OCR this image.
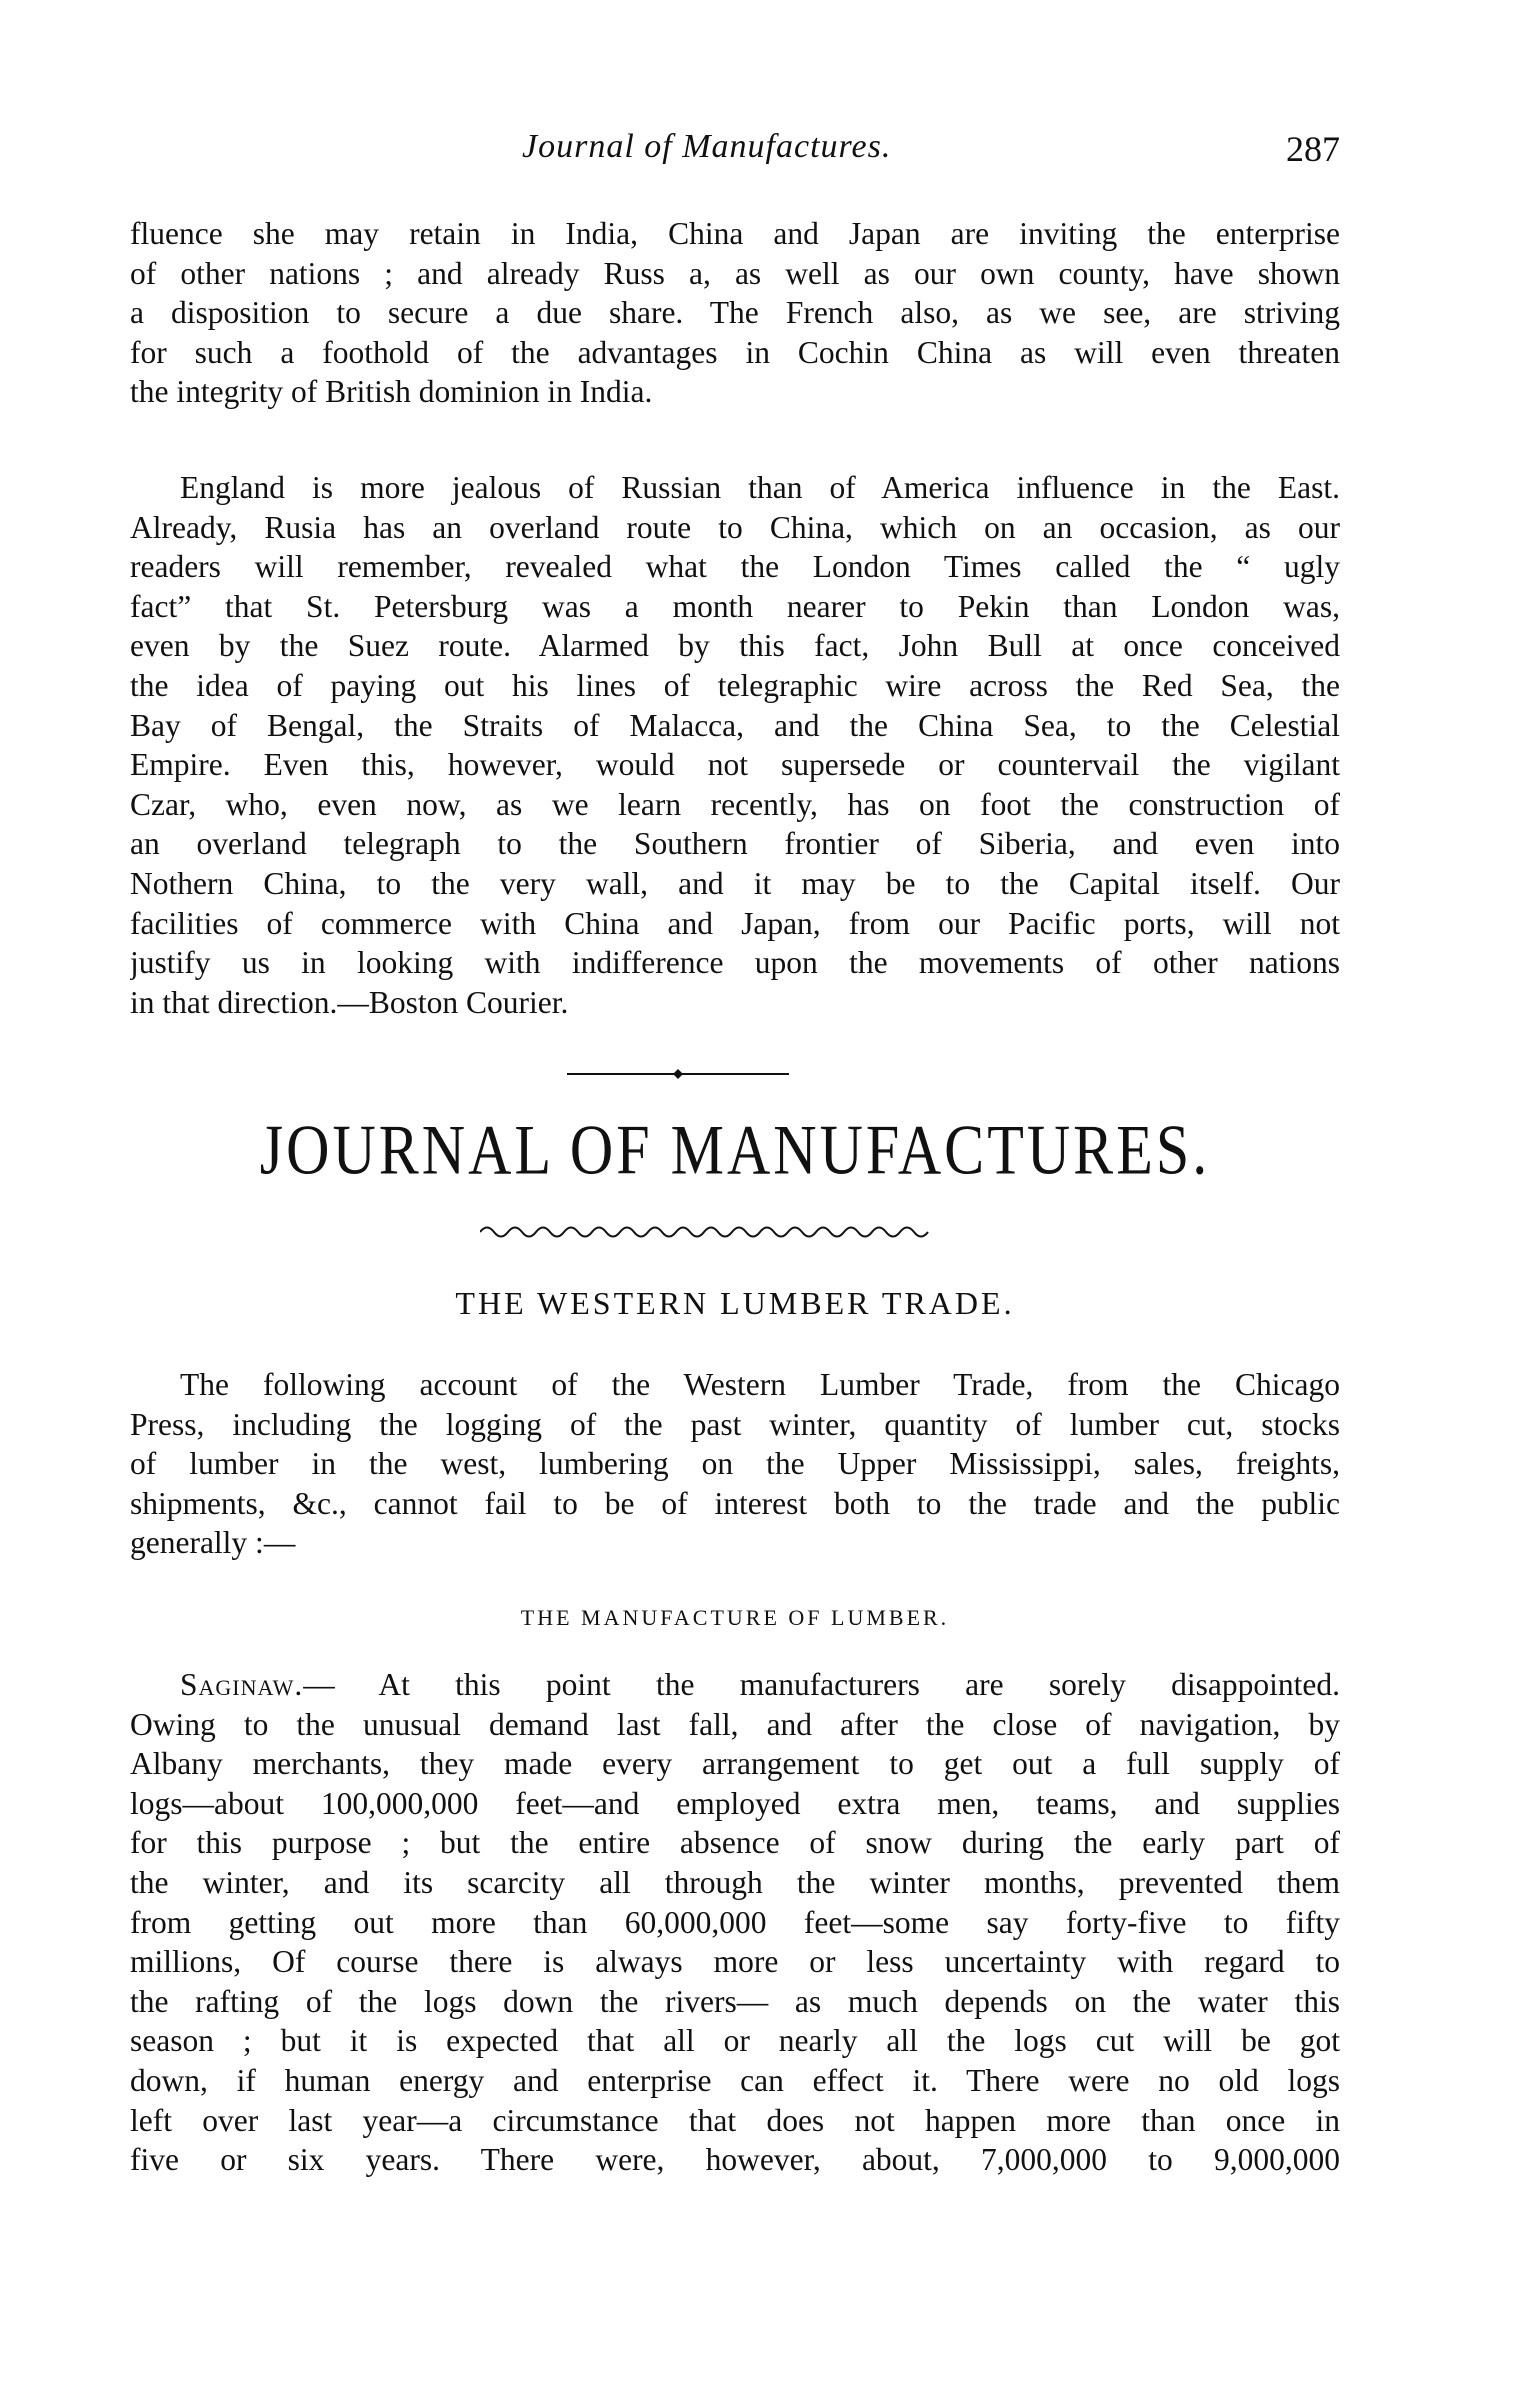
Journal of Manufactures.	287
fluence she may retain in India, China and Japan are inviting the enterprise
of other nations ; and already Russ a, as well as our own county, have shown
a disposition to secure a due share. The French also, as we see, are striving
for such a foothold of the advantages in Cochin China as will even threaten
the integrity of British dominion in India.
England is more jealous of Russian than of America influence in the East.
Already, Rusia has an overland route to China, which on an occasion, as our
readers will remember, revealed what the London Times called the “ ugly
fact” that St. Petersburg was a month nearer to Pekin than London was,
even by the Suez route. Alarmed by this fact, John Bull at once conceived
the idea of paying out his lines of telegraphic wire across the Red Sea, the
Bay of Bengal, the Straits of Malacca, and the China Sea, to the Celestial
Empire. Even this, however, would not supersede or countervail the vigilant
Czar, who, even now, as we learn recently, has on foot the construction of
an overland telegraph to the Southern frontier of Siberia, and even into
Nothern China, to the very wall, and it may be to the Capital itself. Our
facilities of commerce with China and Japan, from our Pacific ports, will not
justify us in looking with indifference upon the movements of other nations
in that direction.—Boston Courier.
JOURNAL OF MANUFACTURES.
THE WESTERN LUMBER TRADE.
The following account of the Western Lumber Trade, from the Chicago
Press, including the logging of the past winter, quantity of lumber cut, stocks
of lumber in the west, lumbering on the Upper Mississippi, sales, freights,
shipments, &c., cannot fail to be of interest both to the trade and the public
generally :—
THE MANUFACTURE OF LUMBER.
Saginaw.— At this point the manufacturers are sorely disappointed.
Owing to the unusual demand last fall, and after the close of navigation, by
Albany merchants, they made every arrangement to get out a full supply of
logs—about 100,000,000 feet—and employed extra men, teams, and supplies
for this purpose ; but the entire absence of snow during the early part of
the winter, and its scarcity all through the winter months, prevented them
from getting out more than 60,000,000 feet—some say forty-five to fifty
millions, Of course there is always more or less uncertainty with regard to
the rafting of the logs down the rivers— as much depends on the water this
season ; but it is expected that all or nearly all the logs cut will be got
down, if human energy and enterprise can effect it. There were no old logs
left over last year—a circumstance that does not happen more than once in
five or six years. There were, however, about, 7,000,000 to 9,000,000
